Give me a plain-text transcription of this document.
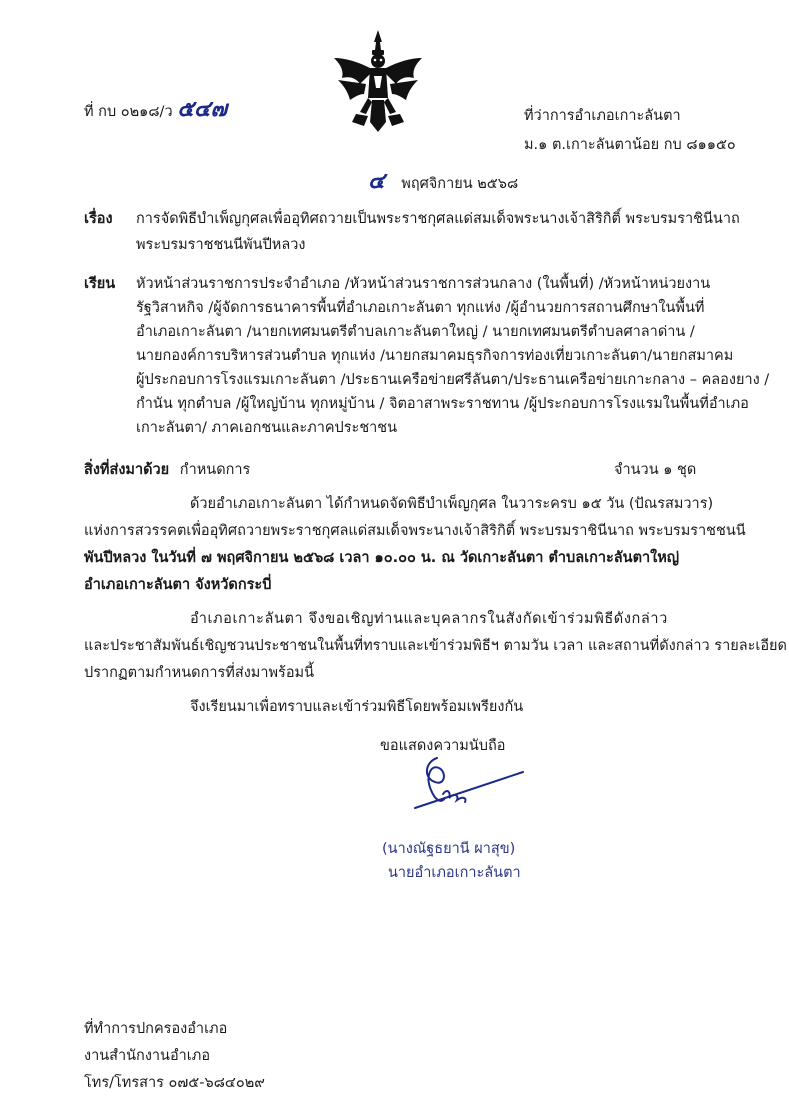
ที่ กบ ๐๒๑๘/ว ๕๔๗	ที่ว่าการอำเภอเกาะลันตา
ม.๑ ต.เกาะลันตาน้อย กบ ๘๑๑๕๐
๔ พฤศจิกายน ๒๕๖๘
เรื่อง การจัดพิธีบำเพ็ญกุศลเพื่ออุทิศถวายเป็นพระราชกุศลแด่สมเด็จพระนางเจ้าสิริกิติ์ พระบรมราชินีนาถ
พระบรมราชชนนีพันปีหลวง
เรียน หัวหน้าส่วนราชการประจำอำเภอ /หัวหน้าส่วนราชการส่วนกลาง (ในพื้นที่) /หัวหน้าหน่วยงาน
รัฐวิสาหกิจ /ผู้จัดการธนาคารพื้นที่อำเภอเกาะลันตา ทุกแห่ง /ผู้อำนวยการสถานศึกษาในพื้นที่
อำเภอเกาะลันตา /นายกเทศมนตรีตำบลเกาะลันตาใหญ่ / นายกเทศมนตรีตำบลศาลาด่าน /
นายกองค์การบริหารส่วนตำบล ทุกแห่ง /นายกสมาคมธุรกิจการท่องเที่ยวเกาะลันตา/นายกสมาคม
ผู้ประกอบการโรงแรมเกาะลันตา /ประธานเครือข่ายศรีลันตา/ประธานเครือข่ายเกาะกลาง – คลองยาง /
กำนัน ทุกตำบล /ผู้ใหญ่บ้าน ทุกหมู่บ้าน / จิตอาสาพระราชทาน /ผู้ประกอบการโรงแรมในพื้นที่อำเภอ
เกาะลันตา/ ภาคเอกชนและภาคประชาชน
สิ่งที่ส่งมาด้วย กำหนดการ	จำนวน ๑ ชุด
ด้วยอำเภอเกาะลันตา ได้กำหนดจัดพิธีบำเพ็ญกุศล ในวาระครบ ๑๕ วัน (ปัณรสมวาร)
แห่งการสวรรคตเพื่ออุทิศถวายพระราชกุศลแด่สมเด็จพระนางเจ้าสิริกิติ์ พระบรมราชินีนาถ พระบรมราชชนนี
พันปีหลวง ในวันที่ ๗ พฤศจิกายน ๒๕๖๘ เวลา ๑๐.๐๐ น. ณ วัดเกาะลันตา ตำบลเกาะลันตาใหญ่
อำเภอเกาะลันตา จังหวัดกระบี่
อำเภอเกาะลันตา จึงขอเชิญท่านและบุคลากรในสังกัดเข้าร่วมพิธีดังกล่าว
และประชาสัมพันธ์เชิญชวนประชาชนในพื้นที่ทราบและเข้าร่วมพิธีฯ ตามวัน เวลา และสถานที่ดังกล่าว รายละเอียด
ปรากฏตามกำหนดการที่ส่งมาพร้อมนี้
จึงเรียนมาเพื่อทราบและเข้าร่วมพิธีโดยพร้อมเพรียงกัน
ขอแสดงความนับถือ
(นางณัฐธยานี ผาสุข)
นายอำเภอเกาะลันตา
ที่ทำการปกครองอำเภอ
งานสำนักงานอำเภอ
โทร/โทรสาร ๐๗๕-๖๘๔๐๒๙
